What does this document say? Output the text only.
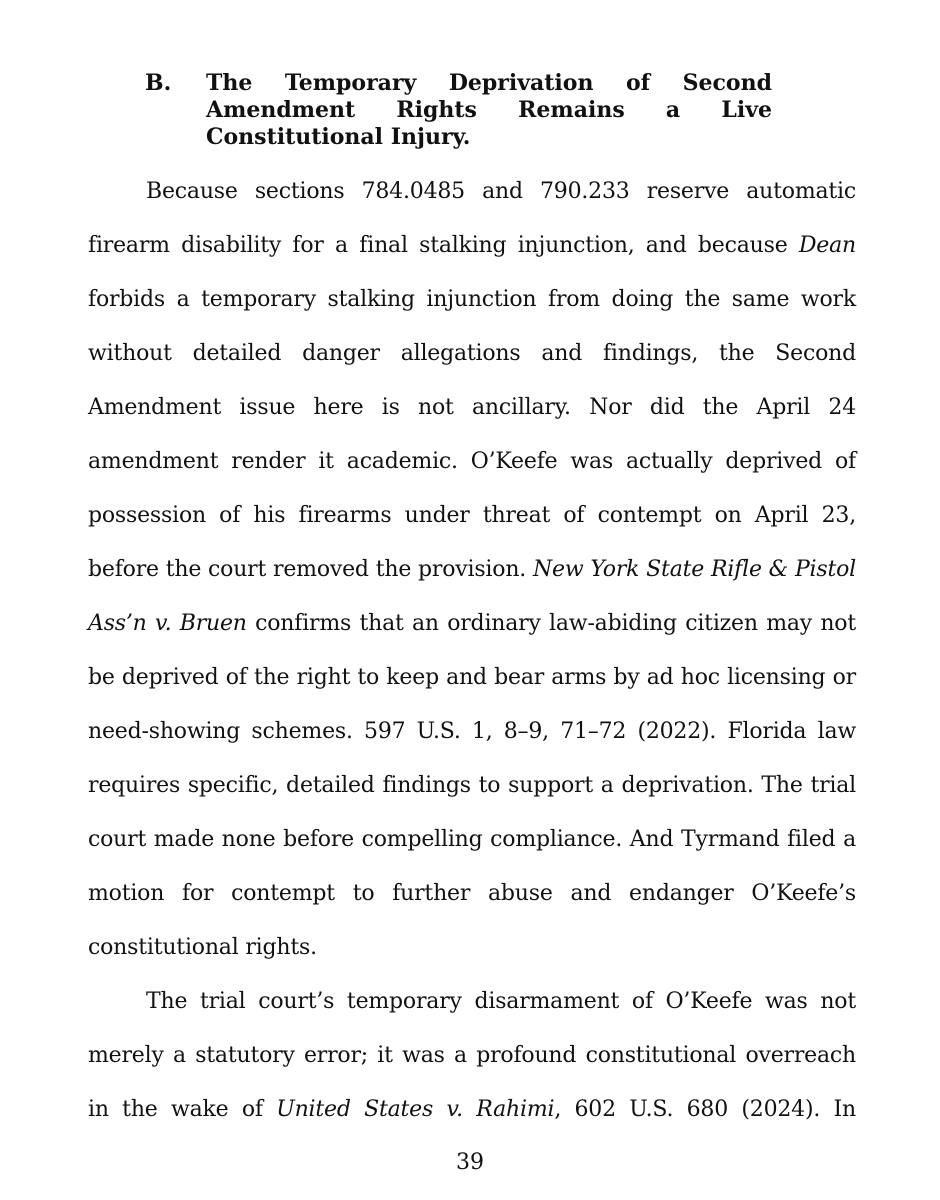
B. The Temporary Deprivation of Second
Amendment Rights Remains a Live
Constitutional Injury.
Because sections 784.0485 and 790.233 reserve automatic
firearm disability for a final stalking injunction, and because Dean
forbids a temporary stalking injunction from doing the same work
without detailed danger allegations and findings, the Second
Amendment issue here is not ancillary. Nor did the April 24
amendment render it academic. O’Keefe was actually deprived of
possession of his firearms under threat of contempt on April 23,
before the court removed the provision. New York State Rifle & Pistol
Ass’n v. Bruen confirms that an ordinary law-abiding citizen may not
be deprived of the right to keep and bear arms by ad hoc licensing or
need-showing schemes. 597 U.S. 1, 8–9, 71–72 (2022). Florida law
requires specific, detailed findings to support a deprivation. The trial
court made none before compelling compliance. And Tyrmand filed a
motion for contempt to further abuse and endanger O’Keefe’s
constitutional rights.
The trial court’s temporary disarmament of O’Keefe was not
merely a statutory error; it was a profound constitutional overreach
in the wake of United States v. Rahimi, 602 U.S. 680 (2024). In
39
